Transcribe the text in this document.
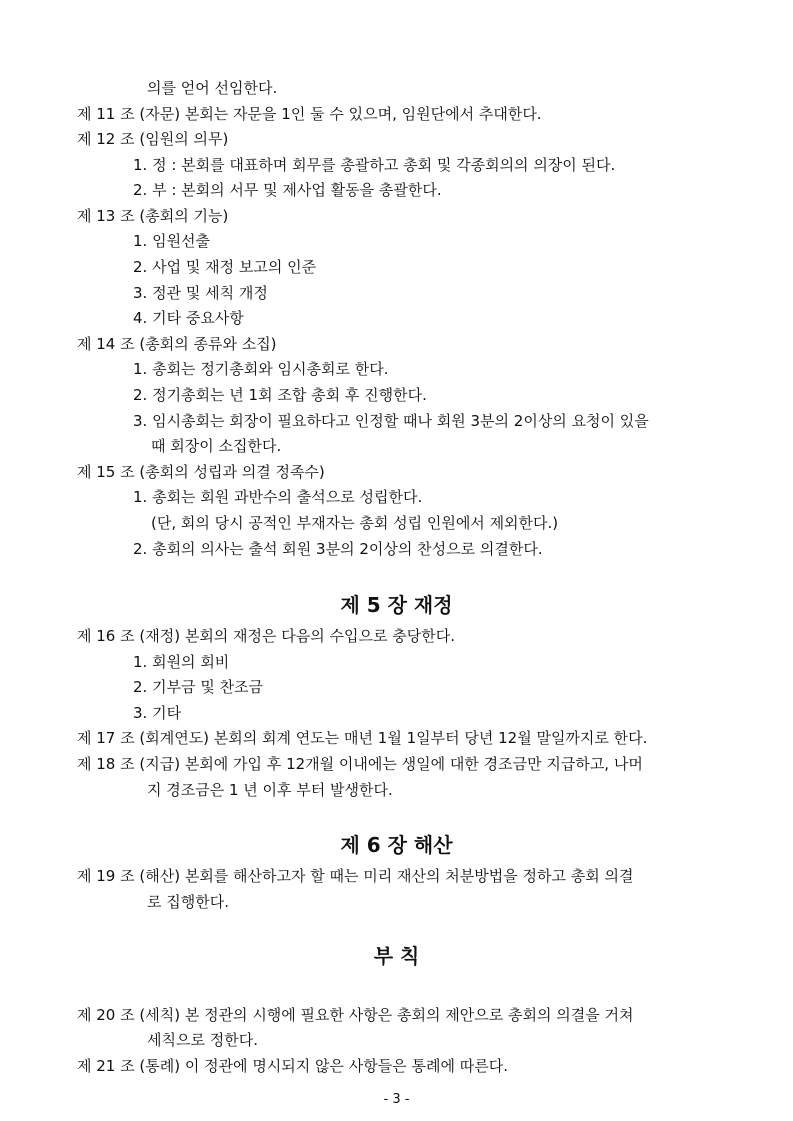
의를 얻어 선임한다.
제 11 조 (자문) 본회는 자문을 1인 둘 수 있으며, 임원단에서 추대한다.
제 12 조 (임원의 의무)
1. 정 : 본회를 대표하며 회무를 총괄하고 총회 및 각종회의의 의장이 된다.
2. 부 : 본회의 서무 및 제사업 활동을 총괄한다.
제 13 조 (총회의 기능)
1. 임원선출
2. 사업 및 재정 보고의 인준
3. 정관 및 세칙 개정
4. 기타 중요사항
제 14 조 (총회의 종류와 소집)
1. 총회는 정기총회와 임시총회로 한다.
2. 정기총회는 년 1회 조합 총회 후 진행한다.
3. 임시총회는 회장이 필요하다고 인정할 때나 회원 3분의 2이상의 요청이 있을
때 회장이 소집한다.
제 15 조 (총회의 성립과 의결 정족수)
1. 총회는 회원 과반수의 출석으로 성립한다.
(단, 회의 당시 공적인 부재자는 총회 성립 인원에서 제외한다.)
2. 총회의 의사는 출석 회원 3분의 2이상의 찬성으로 의결한다.
제 5 장 재정
제 16 조 (재정) 본회의 재정은 다음의 수입으로 충당한다.
1. 회원의 회비
2. 기부금 및 찬조금
3. 기타
제 17 조 (회계연도) 본회의 회계 연도는 매년 1월 1일부터 당년 12월 말일까지로 한다.
제 18 조 (지급) 본회에 가입 후 12개월 이내에는 생일에 대한 경조금만 지급하고, 나머
지 경조금은 1 년 이후 부터 발생한다.
제 6 장 해산
제 19 조 (해산) 본회를 해산하고자 할 때는 미리 재산의 처분방법을 정하고 총회 의결
로 집행한다.
부 칙
제 20 조 (세칙) 본 정관의 시행에 필요한 사항은 총회의 제안으로 총회의 의결을 거쳐
세칙으로 정한다.
제 21 조 (통례) 이 정관에 명시되지 않은 사항들은 통례에 따른다.
- 3 -
